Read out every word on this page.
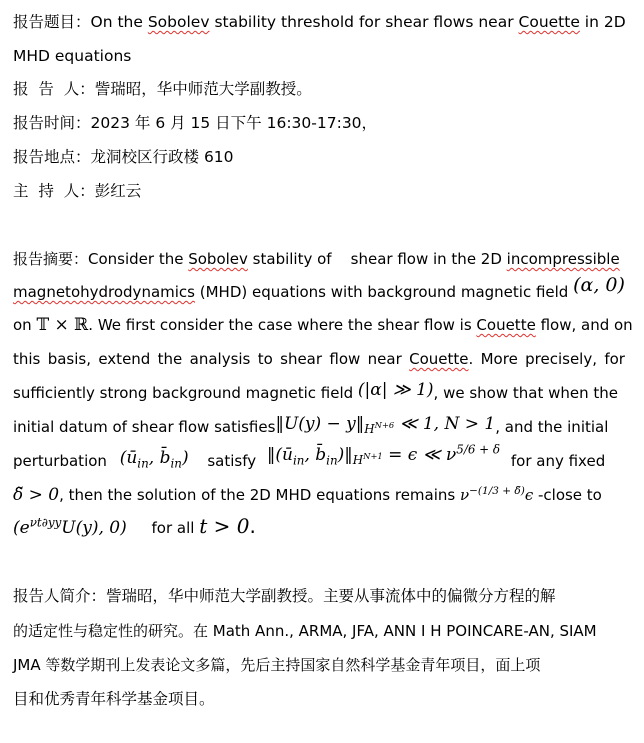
报告题目：On the Sobolev stability threshold for shear flows near Couette in 2D
MHD equations
报  告  人：訾瑞昭，华中师范大学副教授。
报告时间：2023 年 6 月 15 日下午 16:30-17:30，
报告地点：龙洞校区行政楼 610
主  持  人：彭红云
报告摘要：Consider the Sobolev stability of    shear flow in the 2D incompressible
magnetohydrodynamics (MHD) equations with background magnetic field (α, 0)
on 𝕋 × ℝ. We first consider the case where the shear flow is Couette flow, and on
this basis, extend the analysis to shear flow near Couette. More precisely, for
sufficiently strong background magnetic field (|α| ≫ 1), we show that when the
initial datum of shear flow satisfies‖U(y) − $y‖_{H^{N+6}}$ ≪ 1, N > 1, and the initial
perturbation ($ū_{in}$, $b̄_{in}$) satisfy $‖(ū_{in}$, $b̄_{in})‖_{H^{N+1}} = \epsilon$ ≪ $\nu^{5/6 + \delta}$ for any fixed
δ̃ > 0, then the solution of the 2D MHD equations remains $\nu^{-(1/3 + \deltã)}\epsilon$ -close to
($e^{\nu t\partial yy}U(y)$, 0) for all t > 0.
报告人简介：訾瑞昭，华中师范大学副教授。主要从事流体中的偏微分方程的解
的适定性与稳定性的研究。在 Math Ann., ARMA, JFA, ANN I H POINCARE-AN, SIAM
JMA 等数学期刊上发表论文多篇，先后主持国家自然科学基金青年项目，面上项
目和优秀青年科学基金项目。
